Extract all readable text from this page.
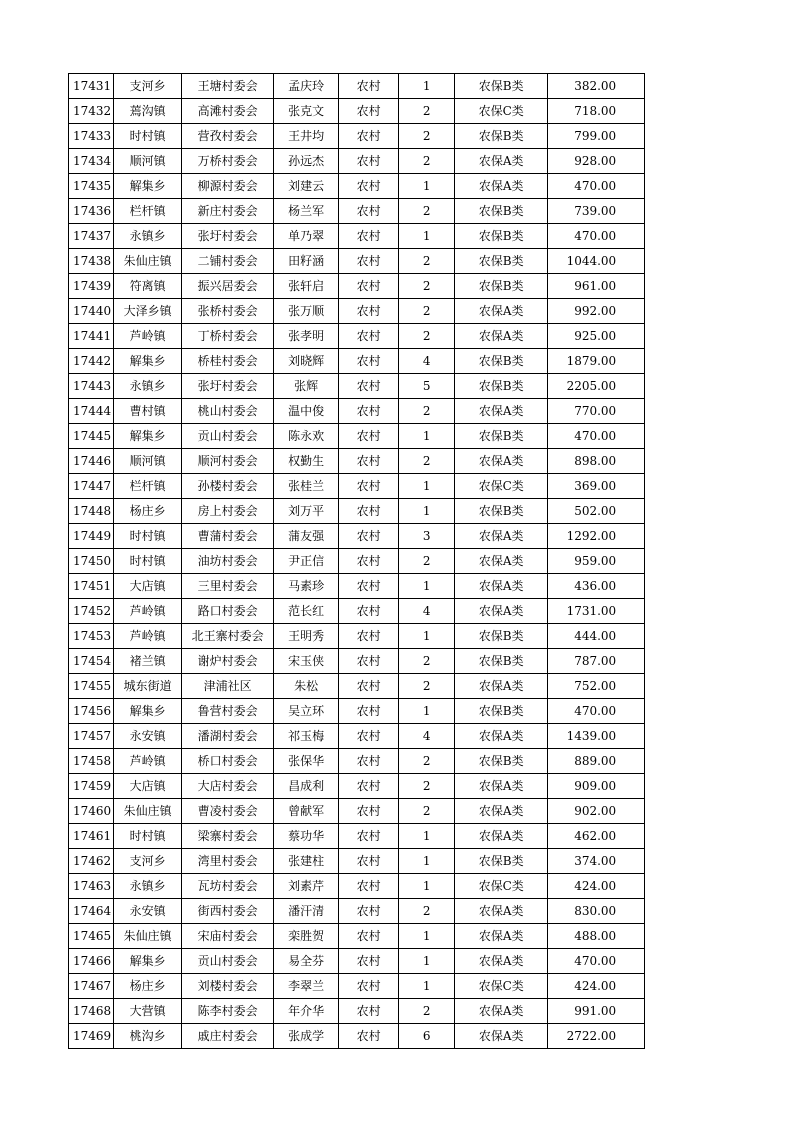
17431	支河乡	王塘村委会	孟庆玲	农村	1	农保B类	382.00
17432	蔫沟镇	高滩村委会	张克文	农村	2	农保C类	718.00
17433	时村镇	营孜村委会	王井均	农村	2	农保B类	799.00
17434	顺河镇	万桥村委会	孙远杰	农村	2	农保A类	928.00
17435	解集乡	柳源村委会	刘建云	农村	1	农保A类	470.00
17436	栏杆镇	新庄村委会	杨兰军	农村	2	农保B类	739.00
17437	永镇乡	张圩村委会	单乃翠	农村	1	农保B类	470.00
17438	朱仙庄镇	二铺村委会	田籽涵	农村	2	农保B类	1044.00
17439	符离镇	振兴居委会	张轩启	农村	2	农保B类	961.00
17440	大泽乡镇	张桥村委会	张万顺	农村	2	农保A类	992.00
17441	芦岭镇	丁桥村委会	张孝明	农村	2	农保A类	925.00
17442	解集乡	桥桂村委会	刘晓辉	农村	4	农保B类	1879.00
17443	永镇乡	张圩村委会	张辉	农村	5	农保B类	2205.00
17444	曹村镇	桃山村委会	温中俊	农村	2	农保A类	770.00
17445	解集乡	贡山村委会	陈永欢	农村	1	农保B类	470.00
17446	顺河镇	顺河村委会	权勤生	农村	2	农保A类	898.00
17447	栏杆镇	孙楼村委会	张桂兰	农村	1	农保C类	369.00
17448	杨庄乡	房上村委会	刘万平	农村	1	农保B类	502.00
17449	时村镇	曹蒲村委会	蒲友强	农村	3	农保A类	1292.00
17450	时村镇	油坊村委会	尹正信	农村	2	农保A类	959.00
17451	大店镇	三里村委会	马素珍	农村	1	农保A类	436.00
17452	芦岭镇	路口村委会	范长红	农村	4	农保A类	1731.00
17453	芦岭镇	北王寨村委会	王明秀	农村	1	农保B类	444.00
17454	褚兰镇	谢炉村委会	宋玉侠	农村	2	农保B类	787.00
17455	城东街道	津浦社区	朱松	农村	2	农保A类	752.00
17456	解集乡	鲁营村委会	吴立环	农村	1	农保B类	470.00
17457	永安镇	潘湖村委会	祁玉梅	农村	4	农保A类	1439.00
17458	芦岭镇	桥口村委会	张保华	农村	2	农保B类	889.00
17459	大店镇	大店村委会	昌成利	农村	2	农保A类	909.00
17460	朱仙庄镇	曹凌村委会	曾献军	农村	2	农保A类	902.00
17461	时村镇	梁寨村委会	蔡功华	农村	1	农保A类	462.00
17462	支河乡	湾里村委会	张建柱	农村	1	农保B类	374.00
17463	永镇乡	瓦坊村委会	刘素芹	农村	1	农保C类	424.00
17464	永安镇	街西村委会	潘汗清	农村	2	农保A类	830.00
17465	朱仙庄镇	宋庙村委会	栾胜贺	农村	1	农保A类	488.00
17466	解集乡	贡山村委会	易全芬	农村	1	农保A类	470.00
17467	杨庄乡	刘楼村委会	李翠兰	农村	1	农保C类	424.00
17468	大营镇	陈李村委会	年介华	农村	2	农保A类	991.00
17469	桃沟乡	戚庄村委会	张成学	农村	6	农保A类	2722.00
